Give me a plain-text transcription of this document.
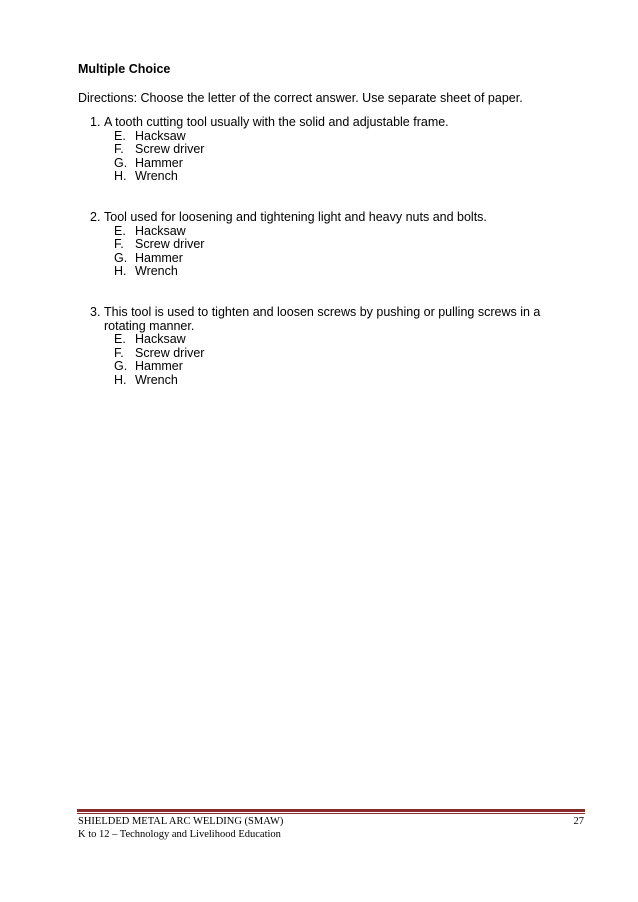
Multiple Choice
Directions: Choose the letter of the correct answer. Use separate sheet of paper.
1. A tooth cutting tool usually with the solid and adjustable frame.
E. Hacksaw
F. Screw driver
G. Hammer
H. Wrench
2. Tool used for loosening and tightening light and heavy nuts and bolts.
E. Hacksaw
F. Screw driver
G. Hammer
H. Wrench
3. This tool is used to tighten and loosen screws by pushing or pulling screws in a rotating manner.
E. Hacksaw
F. Screw driver
G. Hammer
H. Wrench
SHIELDED METAL ARC WELDING (SMAW)
K to 12 – Technology and Livelihood Education
27
